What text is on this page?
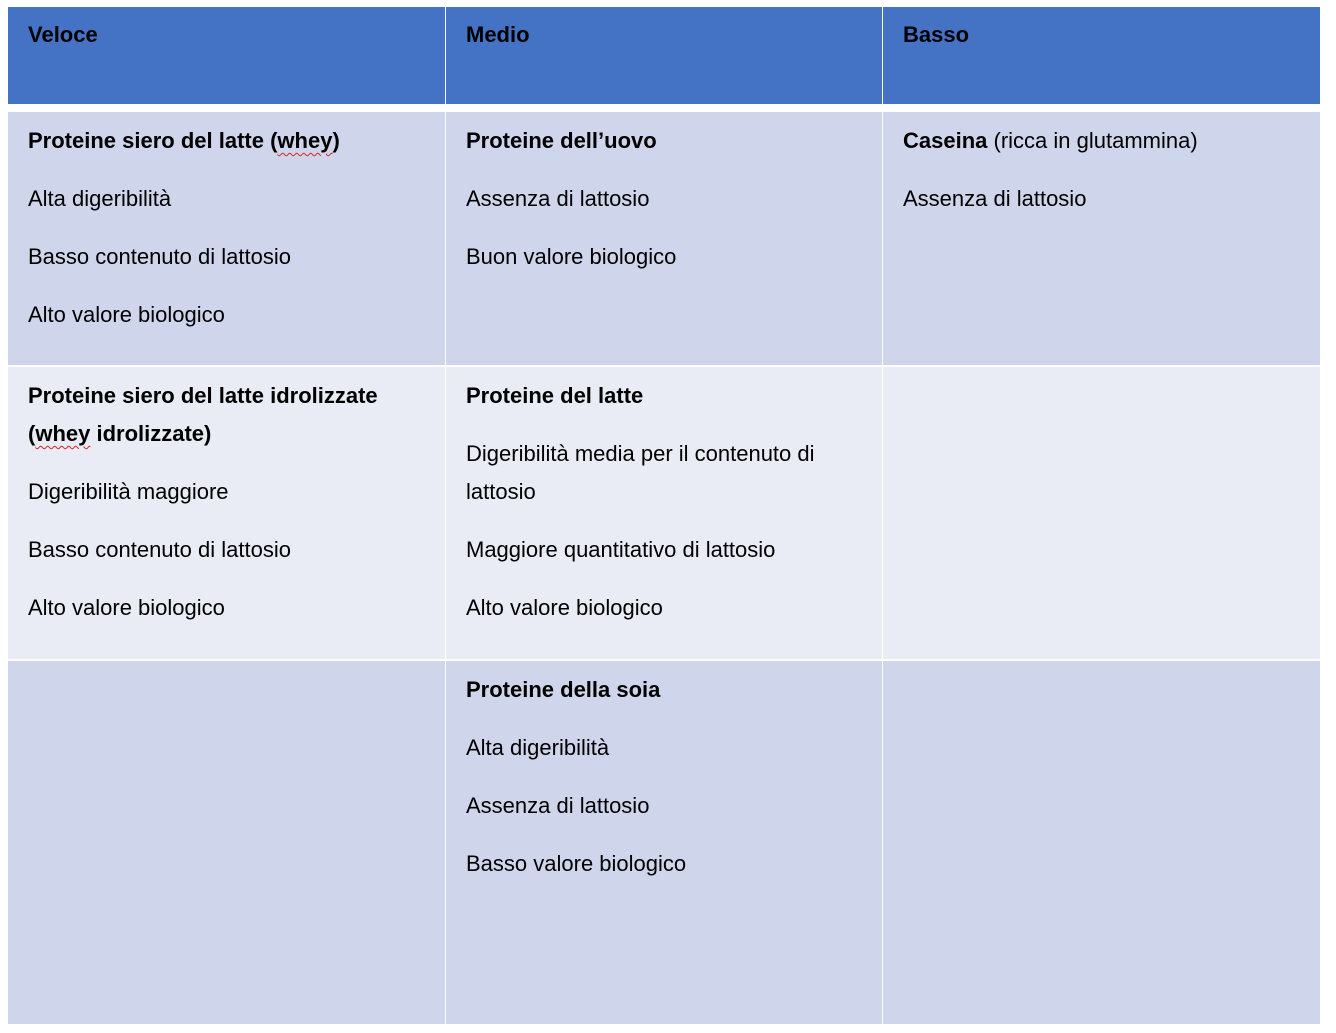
Veloce	Medio	Basso

Proteine siero del latte (whey)

Alta digeribilità

Basso contenuto di lattosio

Alto valore biologico

Proteine dell’uovo

Assenza di lattosio

Buon valore biologico

Caseina (ricca in glutammina)

Assenza di lattosio

Proteine siero del latte idrolizzate (whey idrolizzate)

Digeribilità maggiore

Basso contenuto di lattosio

Alto valore biologico

Proteine del latte

Digeribilità media per il contenuto di lattosio

Maggiore quantitativo di lattosio

Alto valore biologico

Proteine della soia

Alta digeribilità

Assenza di lattosio

Basso valore biologico
